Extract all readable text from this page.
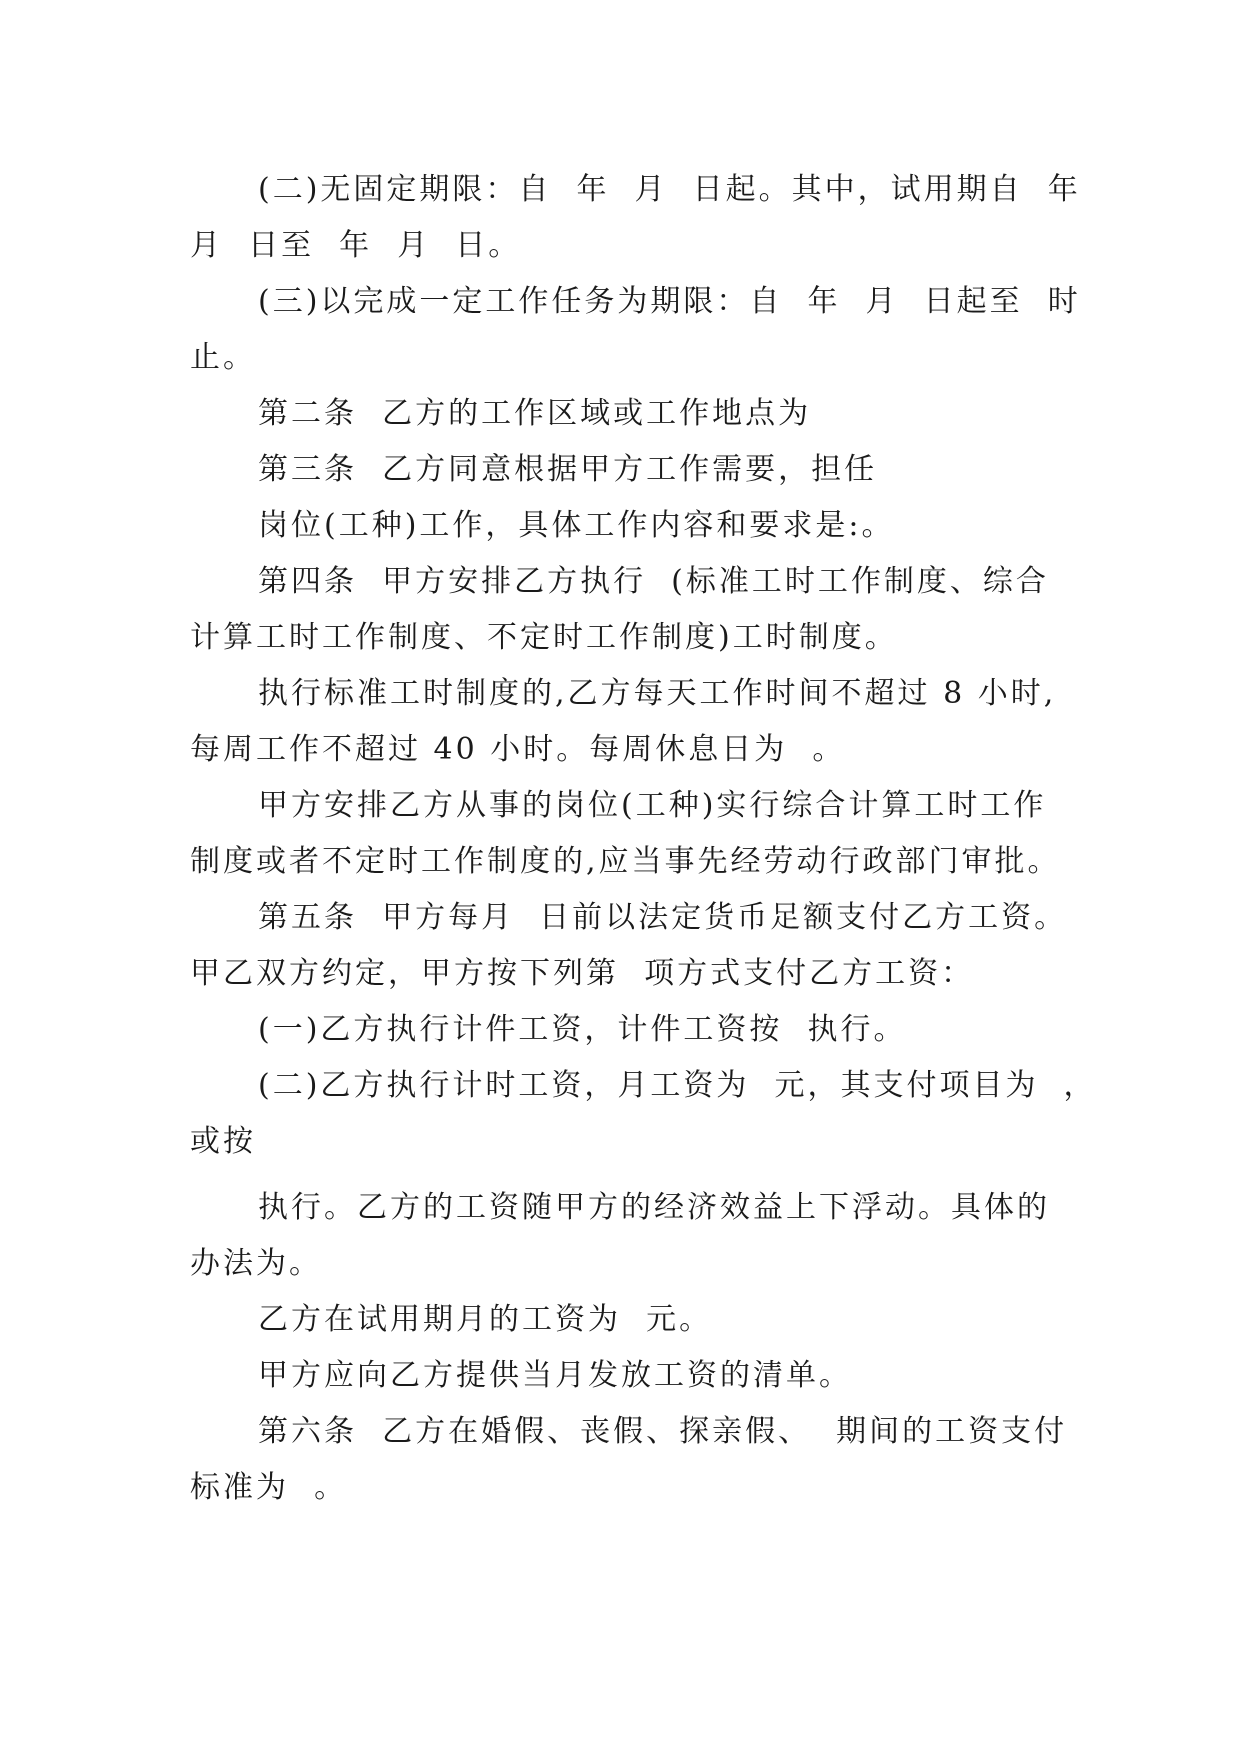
(二)无固定期限：自  年  月  日起。其中，试用期自  年

月  日至  年  月  日。

(三)以完成一定工作任务为期限：自  年  月  日起至  时

止。

第二条  乙方的工作区域或工作地点为

第三条  乙方同意根据甲方工作需要，担任

岗位(工种)工作，具体工作内容和要求是:。

第四条  甲方安排乙方执行  (标准工时工作制度、综合

计算工时工作制度、不定时工作制度)工时制度。

执行标准工时制度的,乙方每天工作时间不超过 8 小时,

每周工作不超过 40 小时。每周休息日为  。

甲方安排乙方从事的岗位(工种)实行综合计算工时工作

制度或者不定时工作制度的,应当事先经劳动行政部门审批。

第五条  甲方每月  日前以法定货币足额支付乙方工资。

甲乙双方约定，甲方按下列第  项方式支付乙方工资：

(一)乙方执行计件工资，计件工资按  执行。

(二)乙方执行计时工资，月工资为  元，其支付项目为  ，

或按

执行。乙方的工资随甲方的经济效益上下浮动。具体的

办法为。

乙方在试用期月的工资为  元。

甲方应向乙方提供当月发放工资的清单。

第六条  乙方在婚假、丧假、探亲假、  期间的工资支付

标准为  。
